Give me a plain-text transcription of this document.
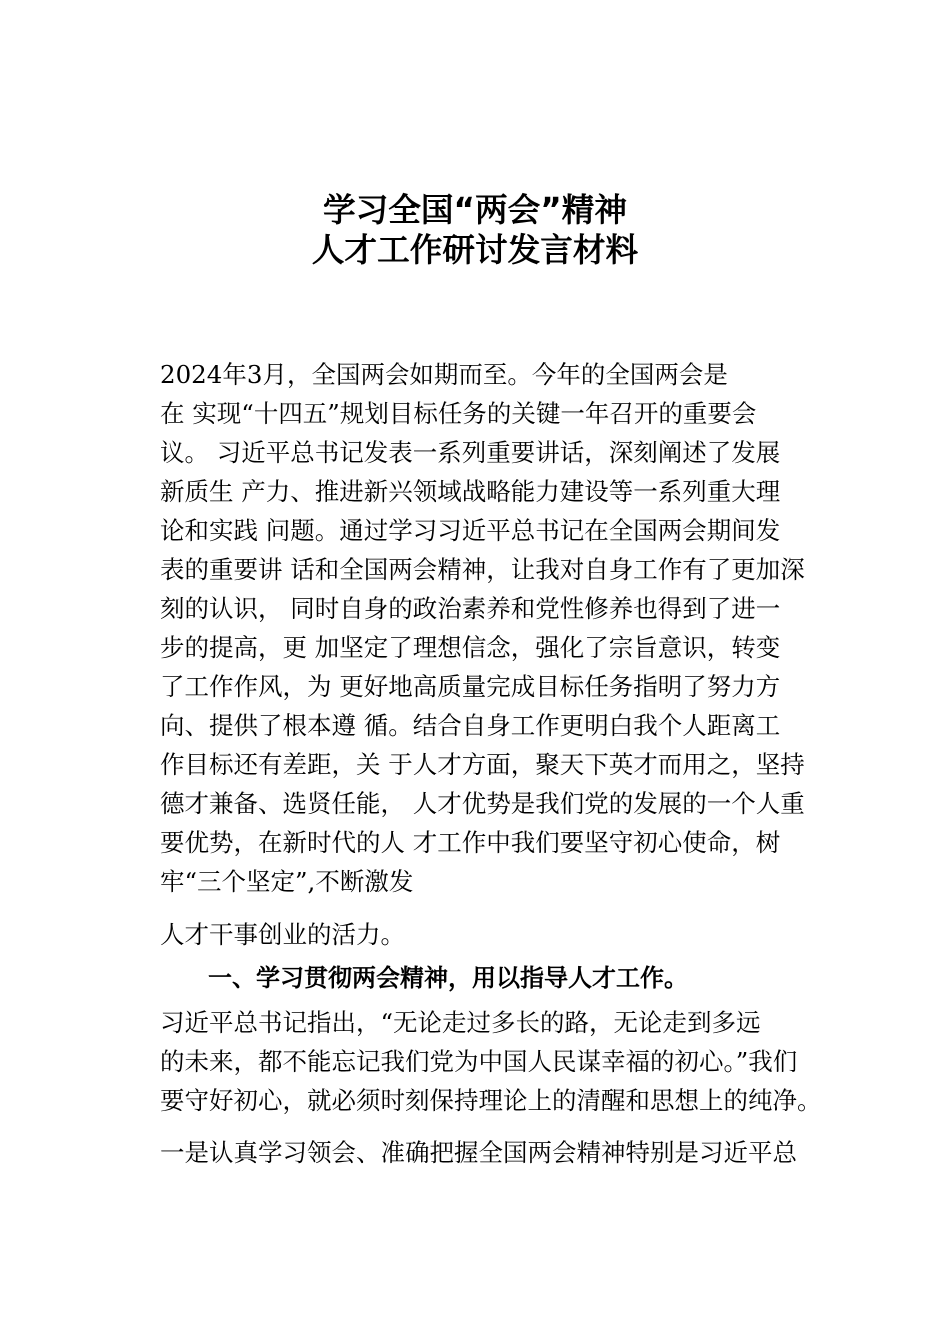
学习全国“两会”精神
人才工作研讨发言材料
2024年3月，全国两会如期而至。今年的全国两会是
在 实现“十四五”规划目标任务的关键一年召开的重要会
议。 习近平总书记发表一系列重要讲话，深刻阐述了发展
新质生 产力、推进新兴领域战略能力建设等一系列重大理
论和实践 问题。通过学习习近平总书记在全国两会期间发
表的重要讲 话和全国两会精神，让我对自身工作有了更加深
刻的认识， 同时自身的政治素养和党性修养也得到了进一
步的提高，更 加坚定了理想信念，强化了宗旨意识，转变
了工作作风，为 更好地高质量完成目标任务指明了努力方
向、提供了根本遵 循。结合自身工作更明白我个人距离工
作目标还有差距，关 于人才方面，聚天下英才而用之，坚持
德才兼备、选贤任能， 人才优势是我们党的发展的一个人重
要优势，在新时代的人 才工作中我们要坚守初心使命，树
牢“三个坚定”,不断激发
人才干事创业的活力。
一、学习贯彻两会精神，用以指导人才工作。
习近平总书记指出，“无论走过多长的路，无论走到多远
的未来，都不能忘记我们党为中国人民谋幸福的初心。”我们
要守好初心，就必须时刻保持理论上的清醒和思想上的纯净。
一是认真学习领会、准确把握全国两会精神特别是习近平总
